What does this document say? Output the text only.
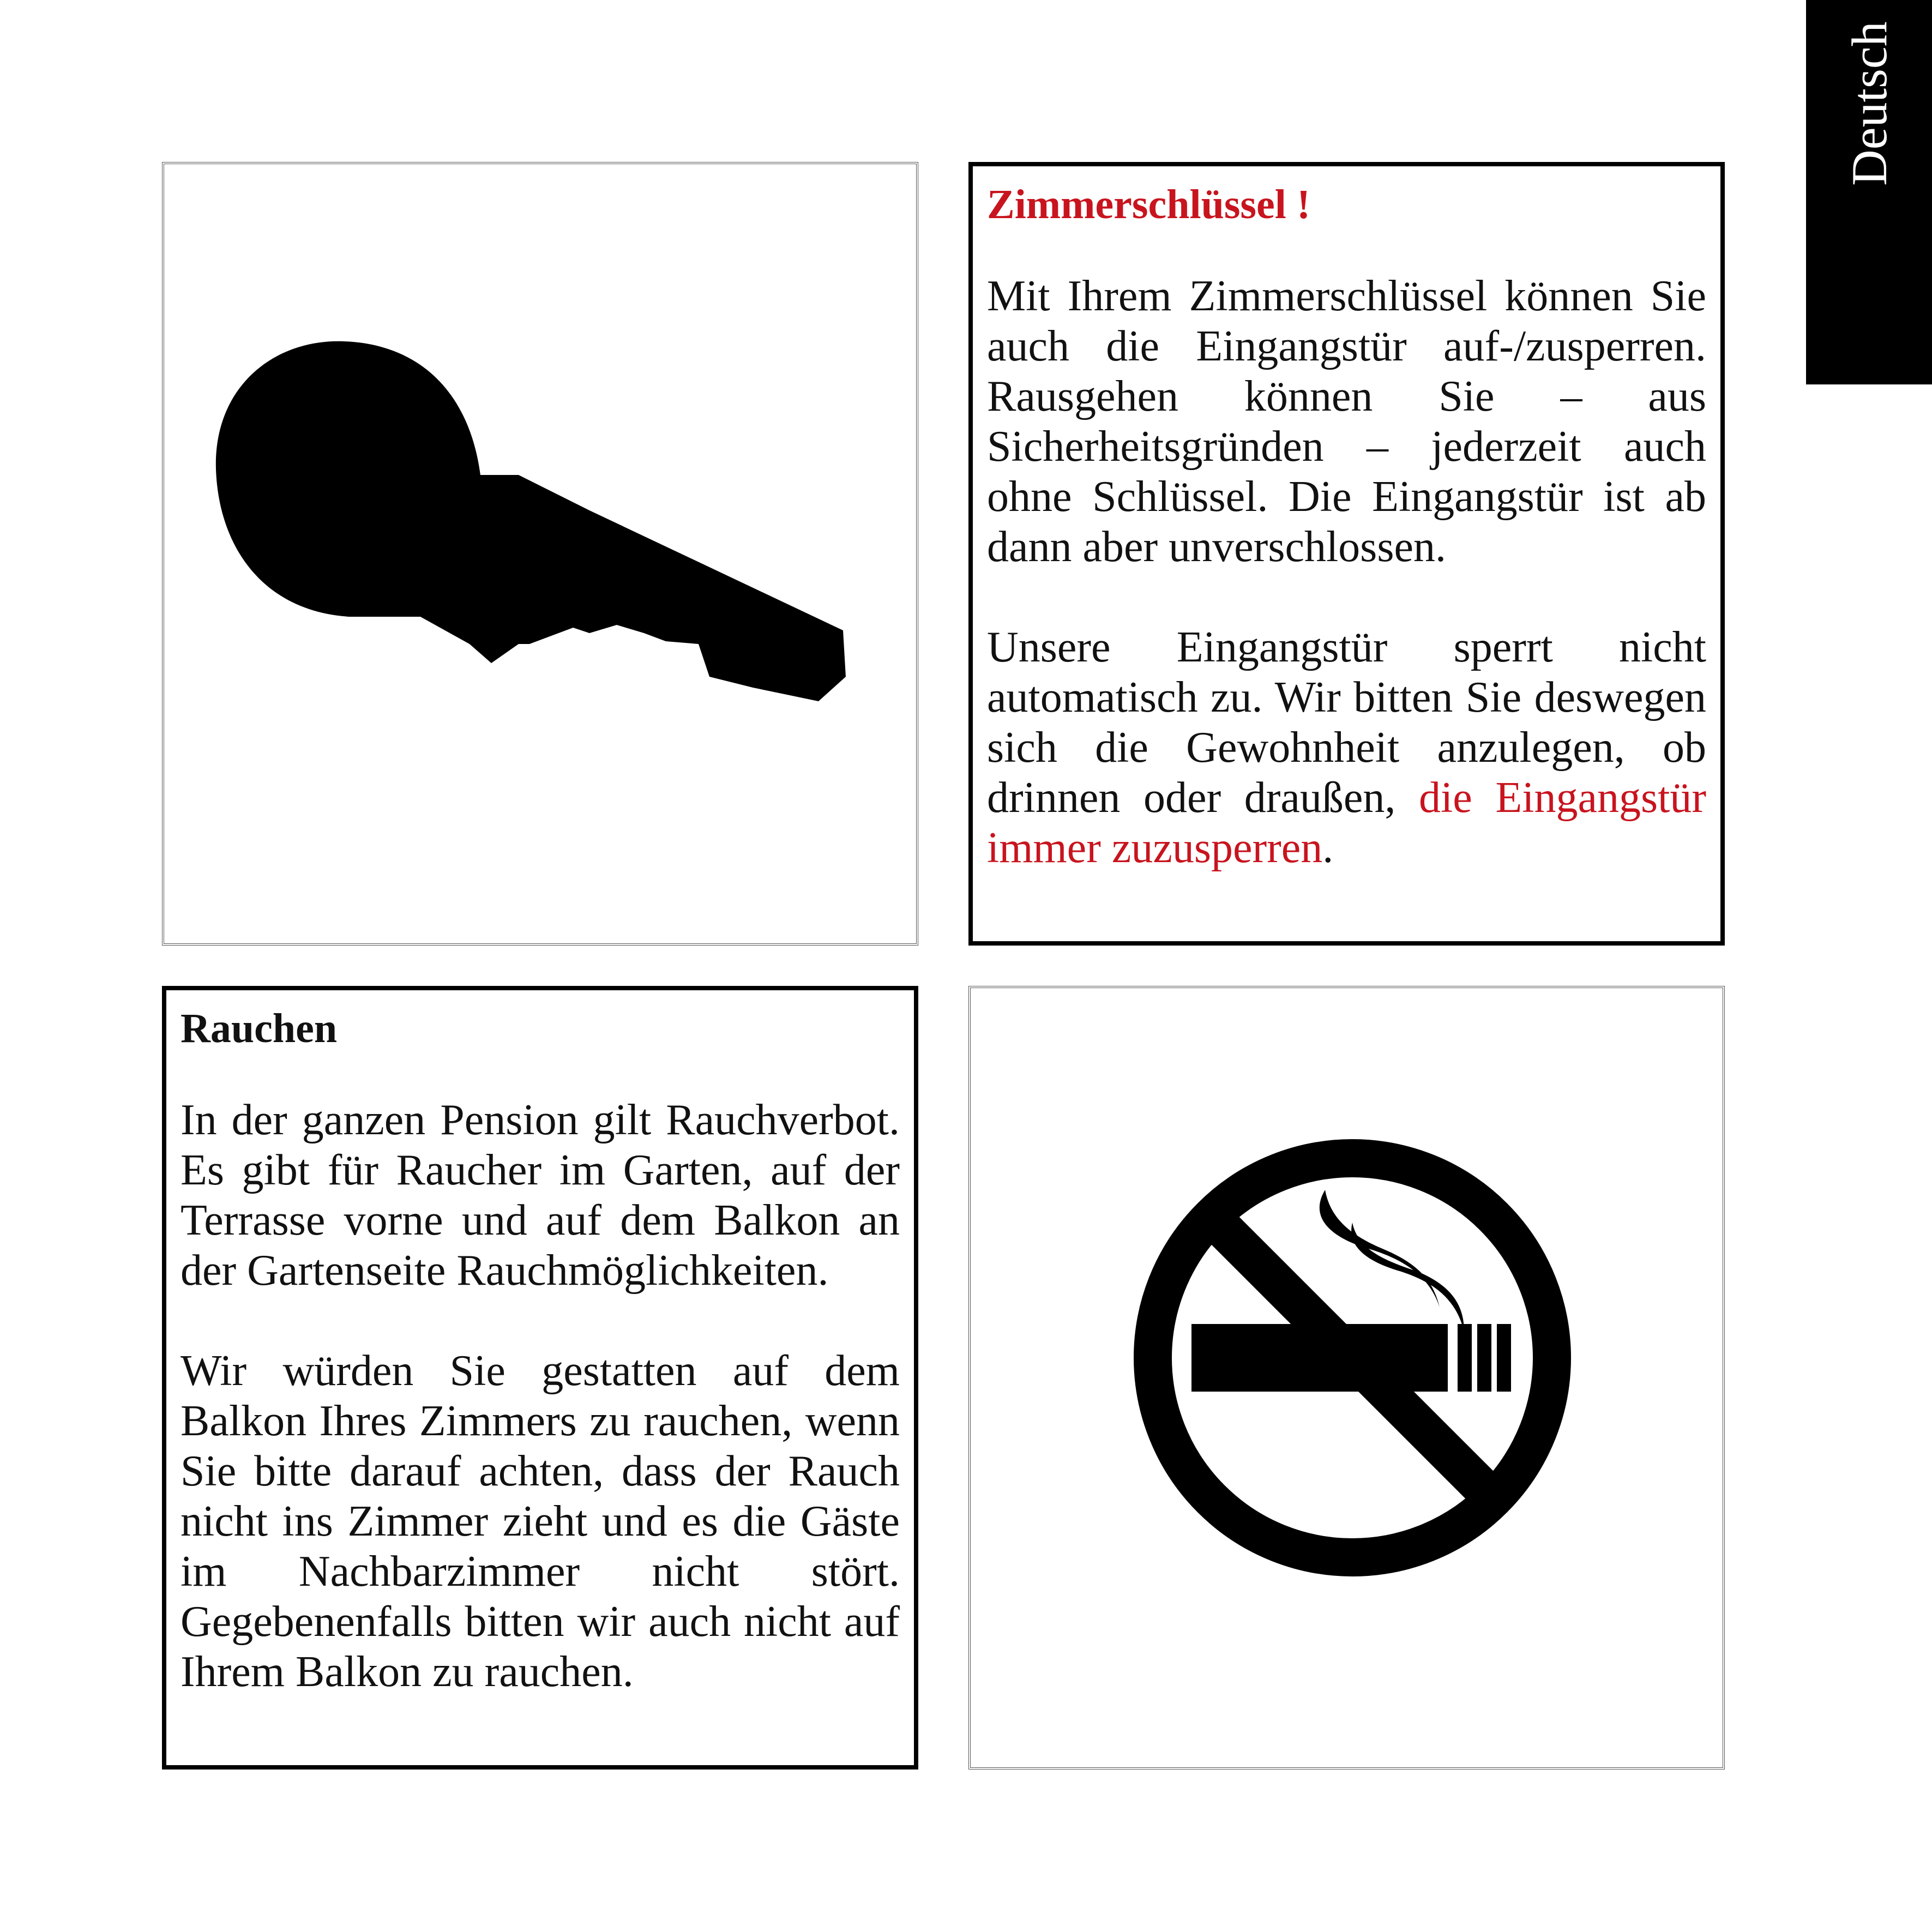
Deutsch
Zimmerschlüssel !

Mit Ihrem Zimmerschlüssel können Sie auch die Eingangstür auf-/zusperren. Rausgehen können Sie – aus Sicherheitsgründen – jederzeit auch ohne Schlüssel. Die Eingangstür ist ab dann aber unverschlossen.

Unsere Eingangstür sperrt nicht automatisch zu. Wir bitten Sie deswegen sich die Gewohnheit anzulegen, ob drinnen oder draußen, die Eingangstür immer zuzusperren.

Rauchen

In der ganzen Pension gilt Rauchverbot. Es gibt für Raucher im Garten, auf der Terrasse vorne und auf dem Balkon an der Gartenseite Rauchmöglichkeiten.

Wir würden Sie gestatten auf dem Balkon Ihres Zimmers zu rauchen, wenn Sie bitte darauf achten, dass der Rauch nicht ins Zimmer zieht und es die Gäste im Nachbarzimmer nicht stört. Gegebenenfalls bitten wir auch nicht auf Ihrem Balkon zu rauchen.
